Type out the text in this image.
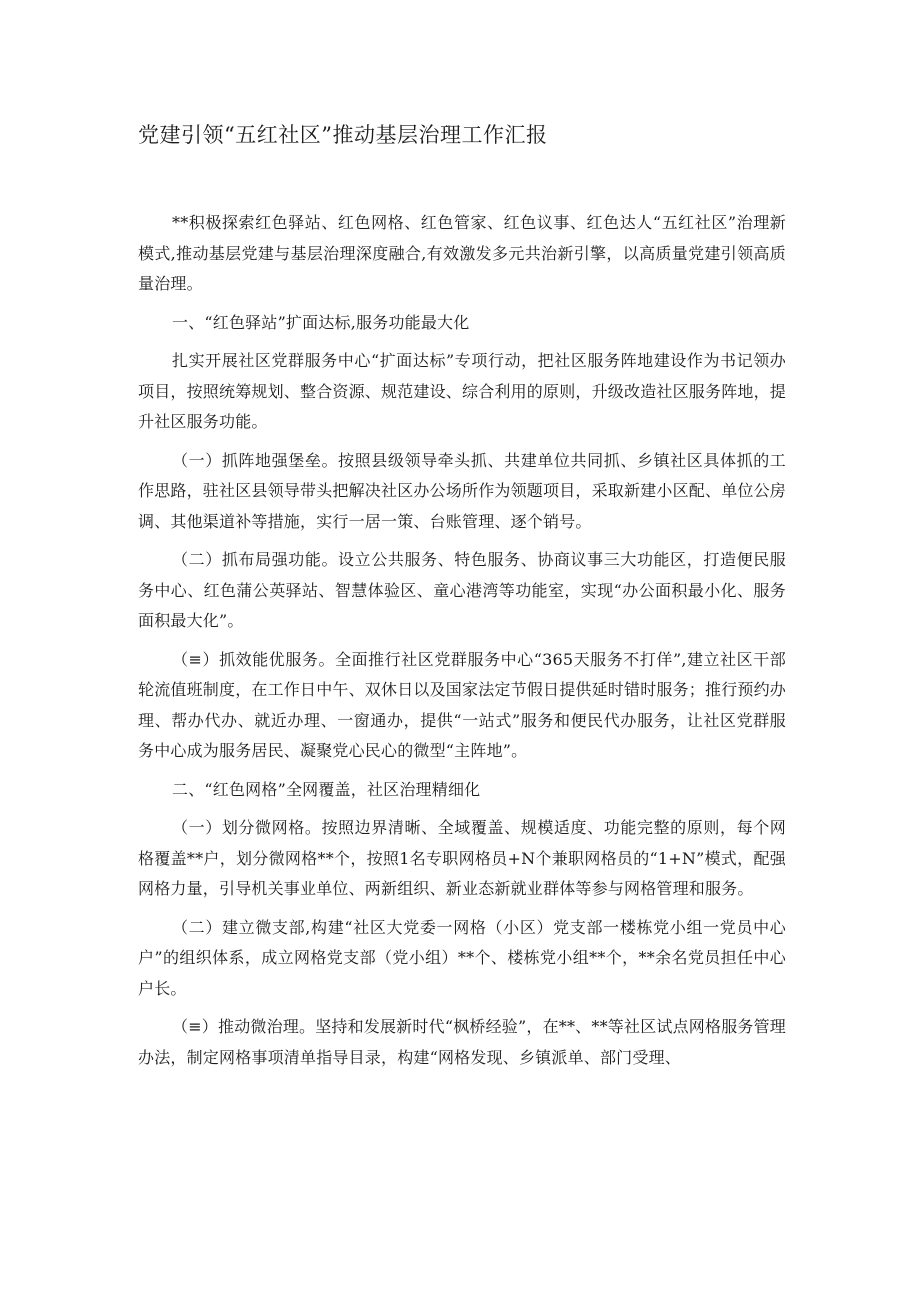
党建引领“五红社区”推动基层治理工作汇报

**积极探索红色驿站、红色网格、红色管家、红色议事、红色达人“五红社区”治理新模式,推动基层党建与基层治理深度融合,有效激发多元共治新引擎，以高质量党建引领高质量治理。

一、“红色驿站”扩面达标,服务功能最大化

扎实开展社区党群服务中心“扩面达标”专项行动，把社区服务阵地建设作为书记领办项目，按照统筹规划、整合资源、规范建设、综合利用的原则，升级改造社区服务阵地，提升社区服务功能。

（一）抓阵地强堡垒。按照县级领导牵头抓、共建单位共同抓、乡镇社区具体抓的工作思路，驻社区县领导带头把解决社区办公场所作为领题项目，采取新建小区配、单位公房调、其他渠道补等措施，实行一居一策、台账管理、逐个销号。

（二）抓布局强功能。设立公共服务、特色服务、协商议事三大功能区，打造便民服务中心、红色蒲公英驿站、智慧体验区、童心港湾等功能室，实现“办公面积最小化、服务面积最大化”。

（≡）抓效能优服务。全面推行社区党群服务中心“365天服务不打佯”,建立社区干部轮流值班制度，在工作日中午、双休日以及国家法定节假日提供延时错时服务；推行预约办理、帮办代办、就近办理、一窗通办，提供“一站式”服务和便民代办服务，让社区党群服务中心成为服务居民、凝聚党心民心的微型“主阵地”。

二、“红色网格”全网覆盖，社区治理精细化

（一）划分微网格。按照边界清晰、全域覆盖、规模适度、功能完整的原则，每个网格覆盖**户，划分微网格**个，按照1名专职网格员+N个兼职网格员的“1+N”模式，配强网格力量，引导机关事业单位、两新组织、新业态新就业群体等参与网格管理和服务。

（二）建立微支部,构建“社区大党委一网格（小区）党支部一楼栋党小组一党员中心户”的组织体系，成立网格党支部（党小组）**个、楼栋党小组**个，**余名党员担任中心户长。

（≡）推动微治理。坚持和发展新时代“枫桥经验”，在**、**等社区试点网格服务管理办法，制定网格事项清单指导目录，构建“网格发现、乡镇派单、部门受理、
